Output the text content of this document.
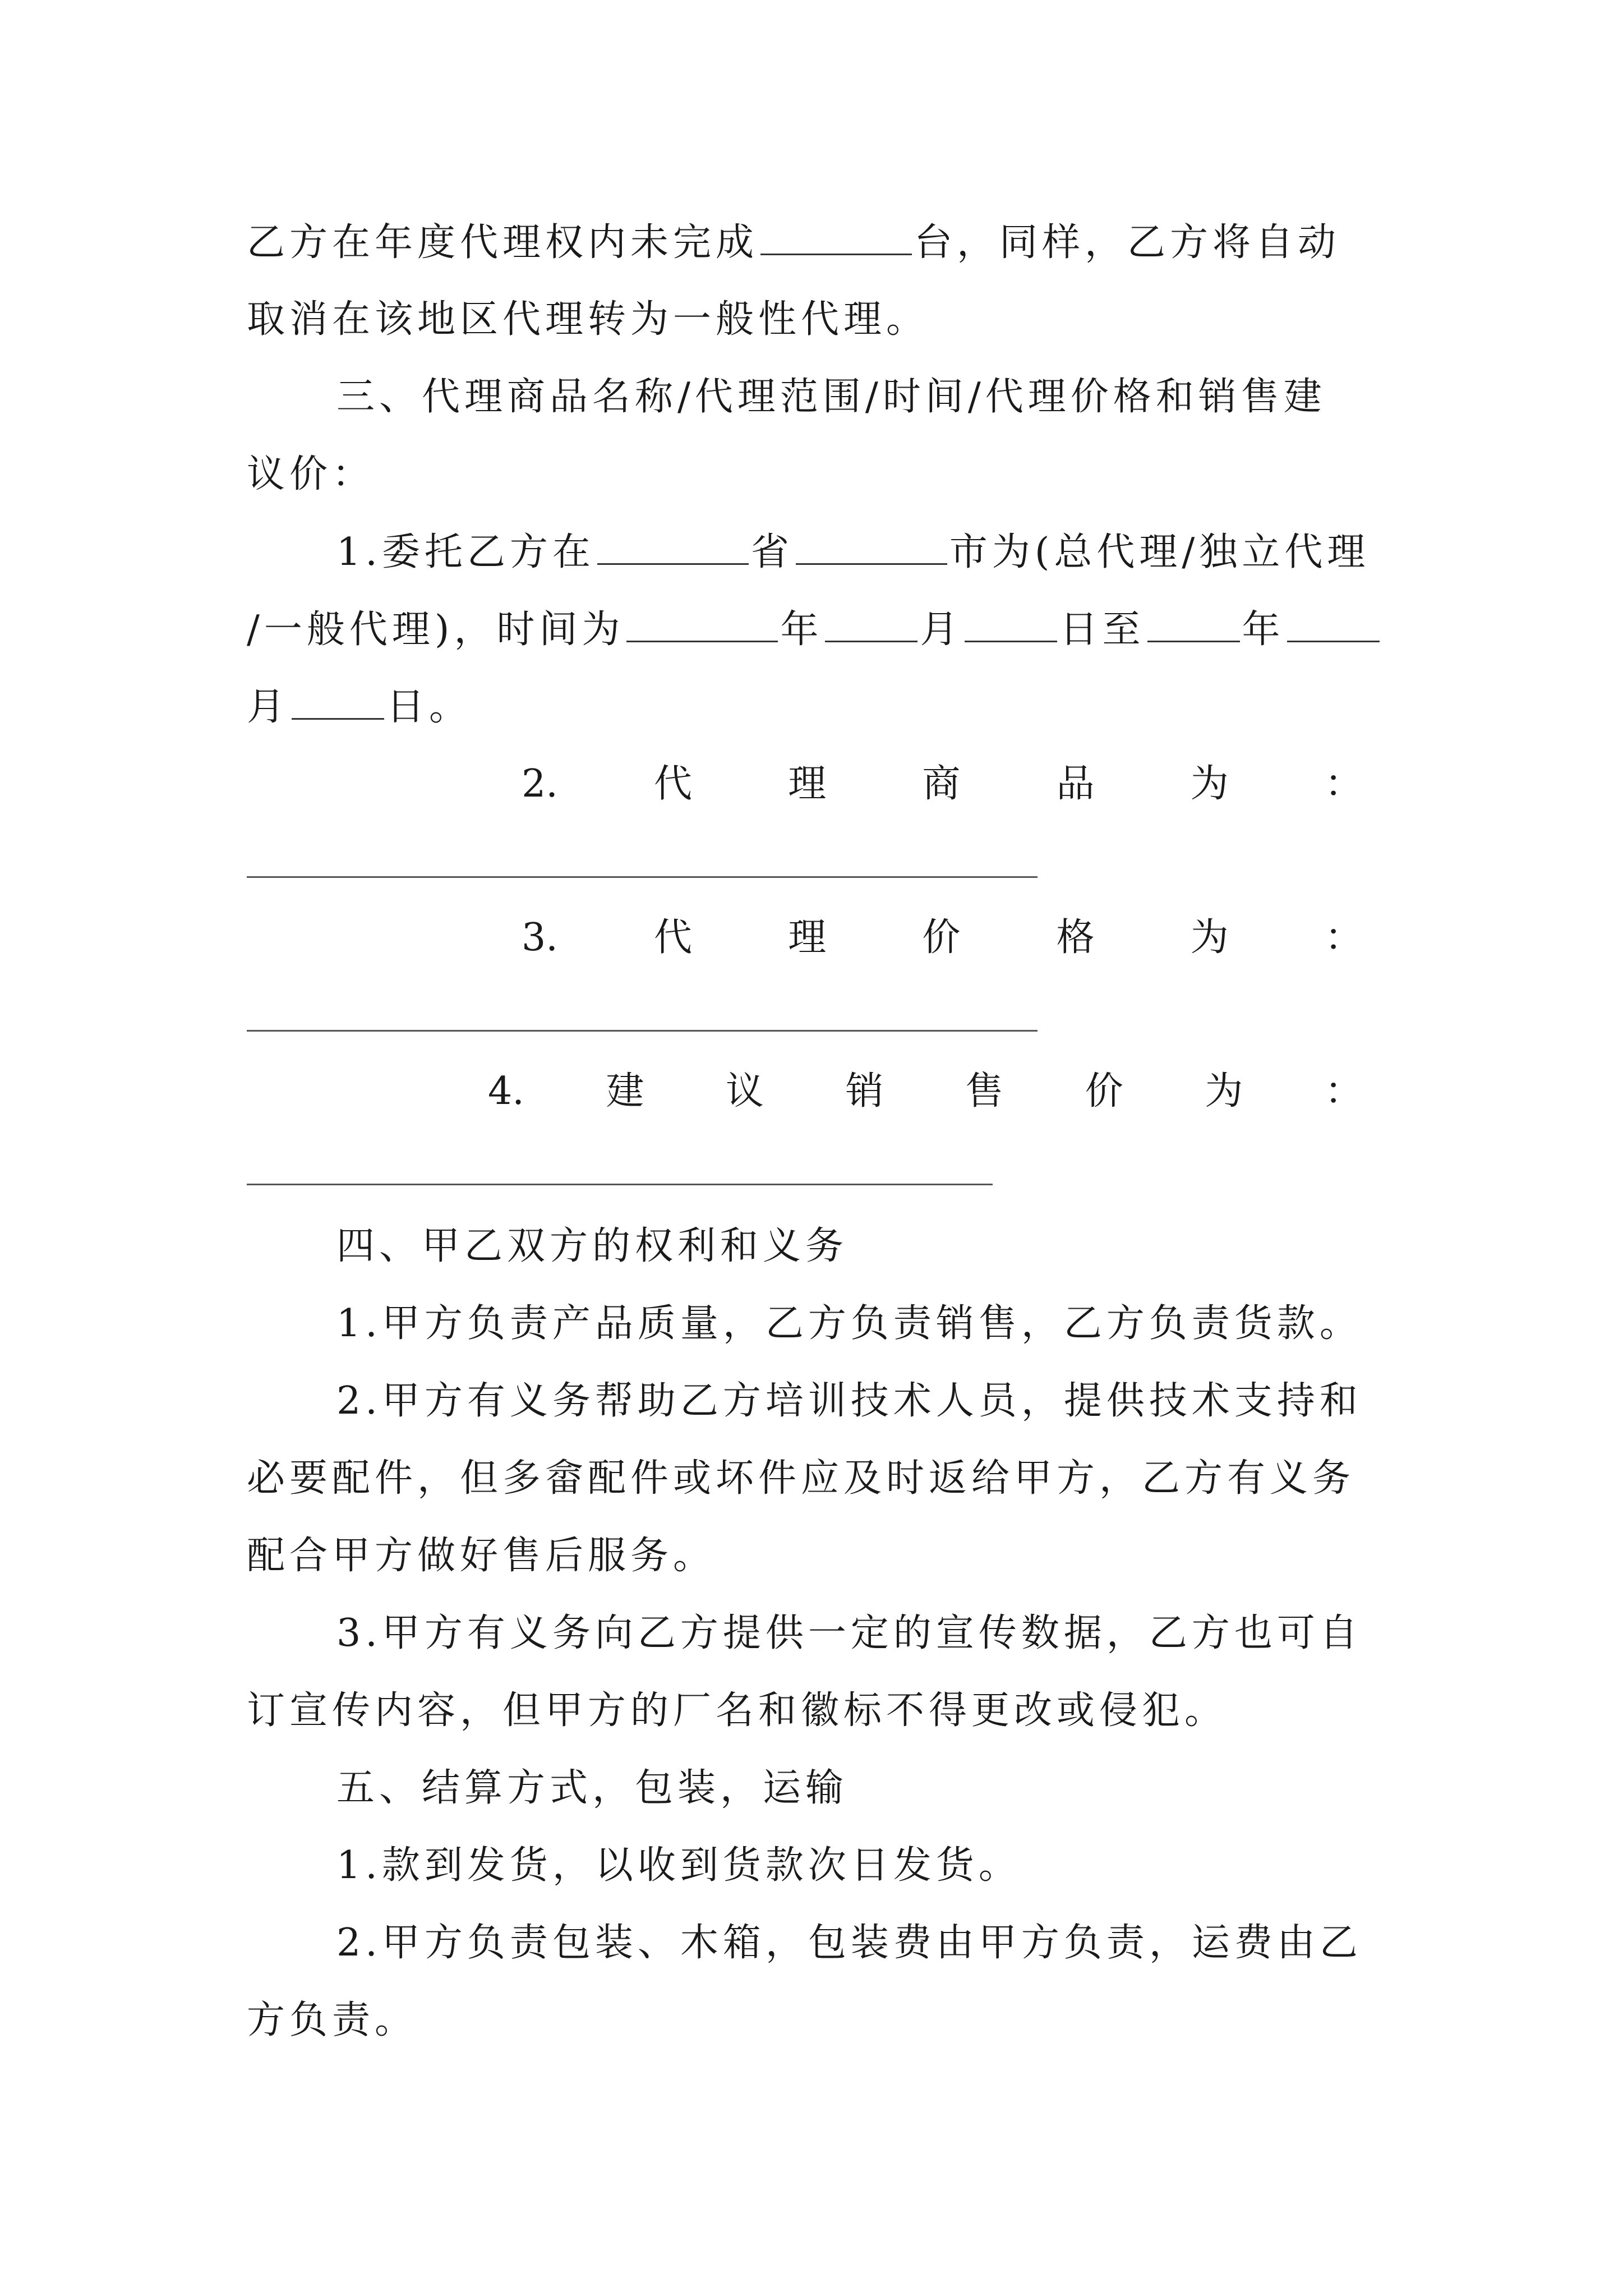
乙方在年度代理权内未完成	台，同样，乙方将自动
取消在该地区代理转为一般性代理。
三、代理商品名称/代理范围/时间/代理价格和销售建
议价：
1.委托乙方在	省	市为(总代理/独立代理
/一般代理)，时间为	年	月	日至	年
月	日。
2.	代	理	商	品	为	：
3.	代	理	价	格	为	：
4. 建 议 销 售 价 为 ：
四、甲乙双方的权利和义务
1.甲方负责产品质量，乙方负责销售，乙方负责货款。
2.甲方有义务帮助乙方培训技术人员，提供技术支持和
必要配件，但多畲配件或坏件应及时返给甲方，乙方有义务
配合甲方做好售后服务。
3.甲方有义务向乙方提供一定的宣传数据，乙方也可自
订宣传内容，但甲方的厂名和徽标不得更改或侵犯。
五、结算方式，包装，运输
1.款到发货，以收到货款次日发货。
2.甲方负责包装、木箱，包装费由甲方负责，运费由乙
方负责。
